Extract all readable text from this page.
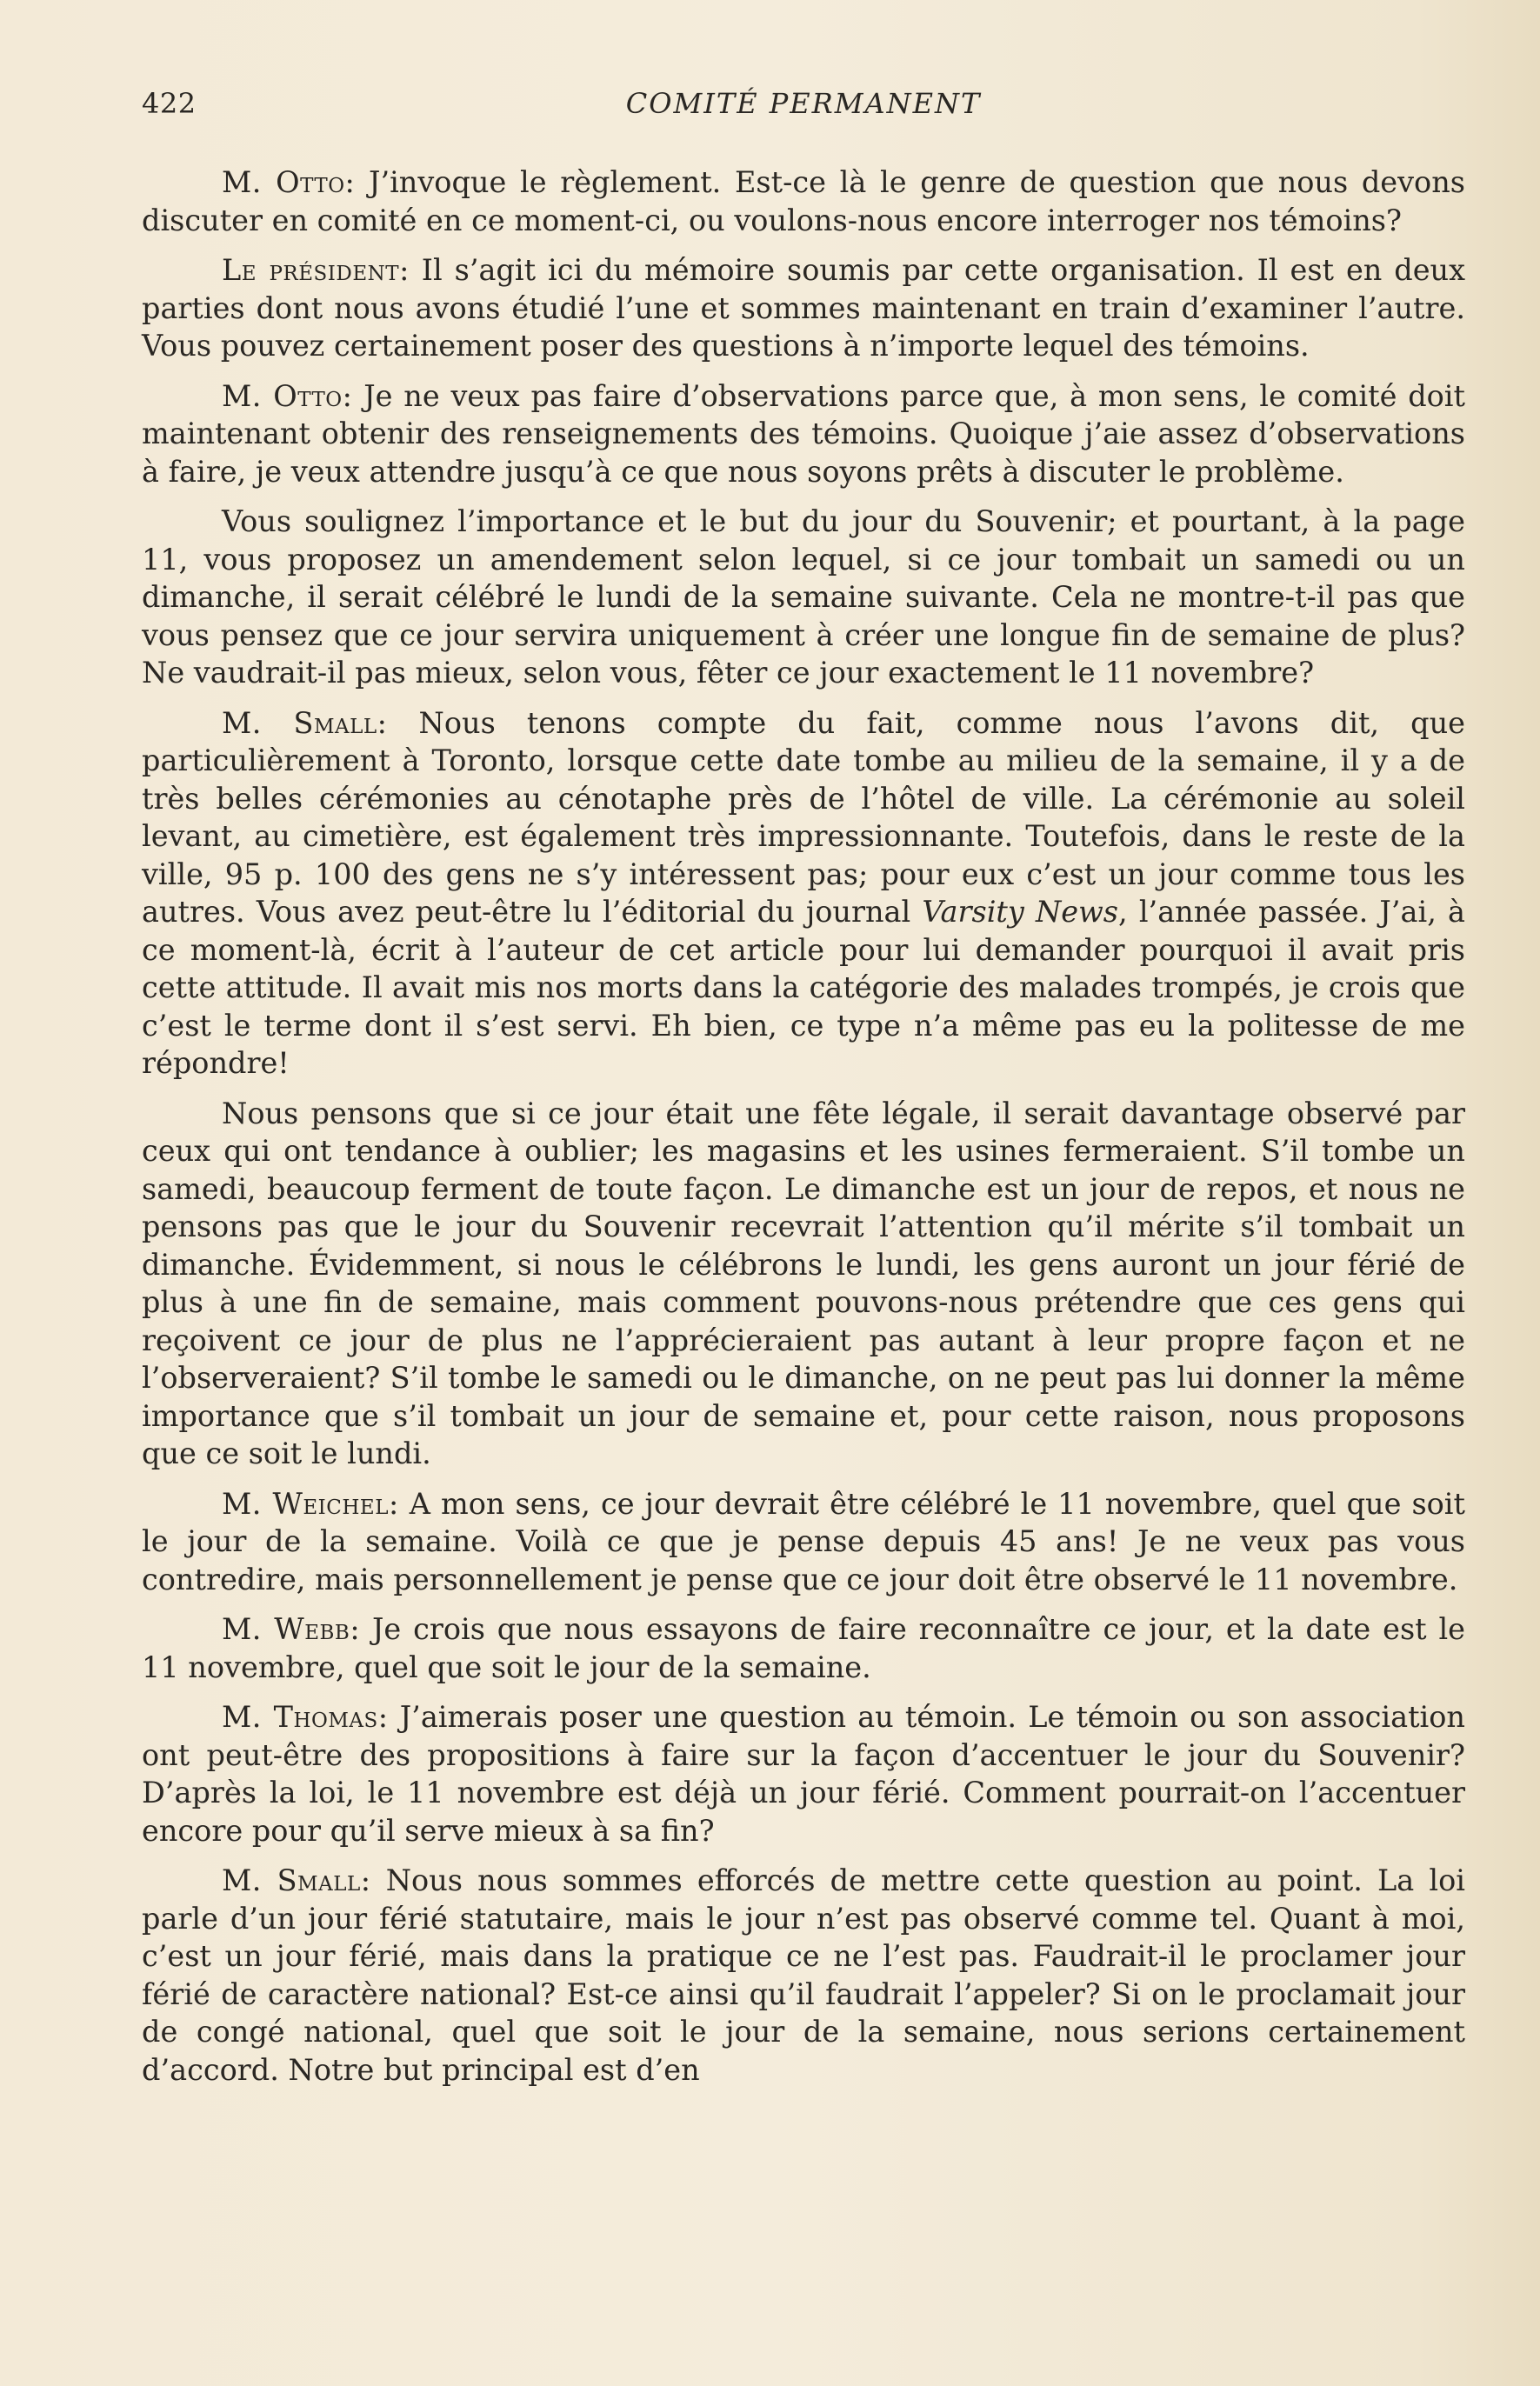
422	COMITÉ PERMANENT

M. Otto: J’invoque le règlement. Est-ce là le genre de question que nous devons discuter en comité en ce moment-ci, ou voulons-nous encore interroger nos témoins?

Le président: Il s’agit ici du mémoire soumis par cette organisation. Il est en deux parties dont nous avons étudié l’une et sommes maintenant en train d’examiner l’autre. Vous pouvez certainement poser des questions à n’importe lequel des témoins.

M. Otto: Je ne veux pas faire d’observations parce que, à mon sens, le comité doit maintenant obtenir des renseignements des témoins. Quoique j’aie assez d’observations à faire, je veux attendre jusqu’à ce que nous soyons prêts à discuter le problème.

Vous soulignez l’importance et le but du jour du Souvenir; et pourtant, à la page 11, vous proposez un amendement selon lequel, si ce jour tombait un samedi ou un dimanche, il serait célébré le lundi de la semaine suivante. Cela ne montre-t-il pas que vous pensez que ce jour servira uniquement à créer une longue fin de semaine de plus? Ne vaudrait-il pas mieux, selon vous, fêter ce jour exactement le 11 novembre?

M. Small: Nous tenons compte du fait, comme nous l’avons dit, que particulièrement à Toronto, lorsque cette date tombe au milieu de la semaine, il y a de très belles cérémonies au cénotaphe près de l’hôtel de ville. La cérémonie au soleil levant, au cimetière, est également très impressionnante. Toutefois, dans le reste de la ville, 95 p. 100 des gens ne s’y intéressent pas; pour eux c’est un jour comme tous les autres. Vous avez peut-être lu l’éditorial du journal Varsity News, l’année passée. J’ai, à ce moment-là, écrit à l’auteur de cet article pour lui demander pourquoi il avait pris cette attitude. Il avait mis nos morts dans la catégorie des malades trompés, je crois que c’est le terme dont il s’est servi. Eh bien, ce type n’a même pas eu la politesse de me répondre!

Nous pensons que si ce jour était une fête légale, il serait davantage observé par ceux qui ont tendance à oublier; les magasins et les usines fermeraient. S’il tombe un samedi, beaucoup ferment de toute façon. Le dimanche est un jour de repos, et nous ne pensons pas que le jour du Souvenir recevrait l’attention qu’il mérite s’il tombait un dimanche. Évidemment, si nous le célébrons le lundi, les gens auront un jour férié de plus à une fin de semaine, mais comment pouvons-nous prétendre que ces gens qui reçoivent ce jour de plus ne l’apprécieraient pas autant à leur propre façon et ne l’observeraient? S’il tombe le samedi ou le dimanche, on ne peut pas lui donner la même importance que s’il tombait un jour de semaine et, pour cette raison, nous proposons que ce soit le lundi.

M. Weichel: A mon sens, ce jour devrait être célébré le 11 novembre, quel que soit le jour de la semaine. Voilà ce que je pense depuis 45 ans! Je ne veux pas vous contredire, mais personnellement je pense que ce jour doit être observé le 11 novembre.

M. Webb: Je crois que nous essayons de faire reconnaître ce jour, et la date est le 11 novembre, quel que soit le jour de la semaine.

M. Thomas: J’aimerais poser une question au témoin. Le témoin ou son association ont peut-être des propositions à faire sur la façon d’accentuer le jour du Souvenir? D’après la loi, le 11 novembre est déjà un jour férié. Comment pourrait-on l’accentuer encore pour qu’il serve mieux à sa fin?

M. Small: Nous nous sommes efforcés de mettre cette question au point. La loi parle d’un jour férié statutaire, mais le jour n’est pas observé comme tel. Quant à moi, c’est un jour férié, mais dans la pratique ce ne l’est pas. Faudrait-il le proclamer jour férié de caractère national? Est-ce ainsi qu’il faudrait l’appeler? Si on le proclamait jour de congé national, quel que soit le jour de la semaine, nous serions certainement d’accord. Notre but principal est d’en
